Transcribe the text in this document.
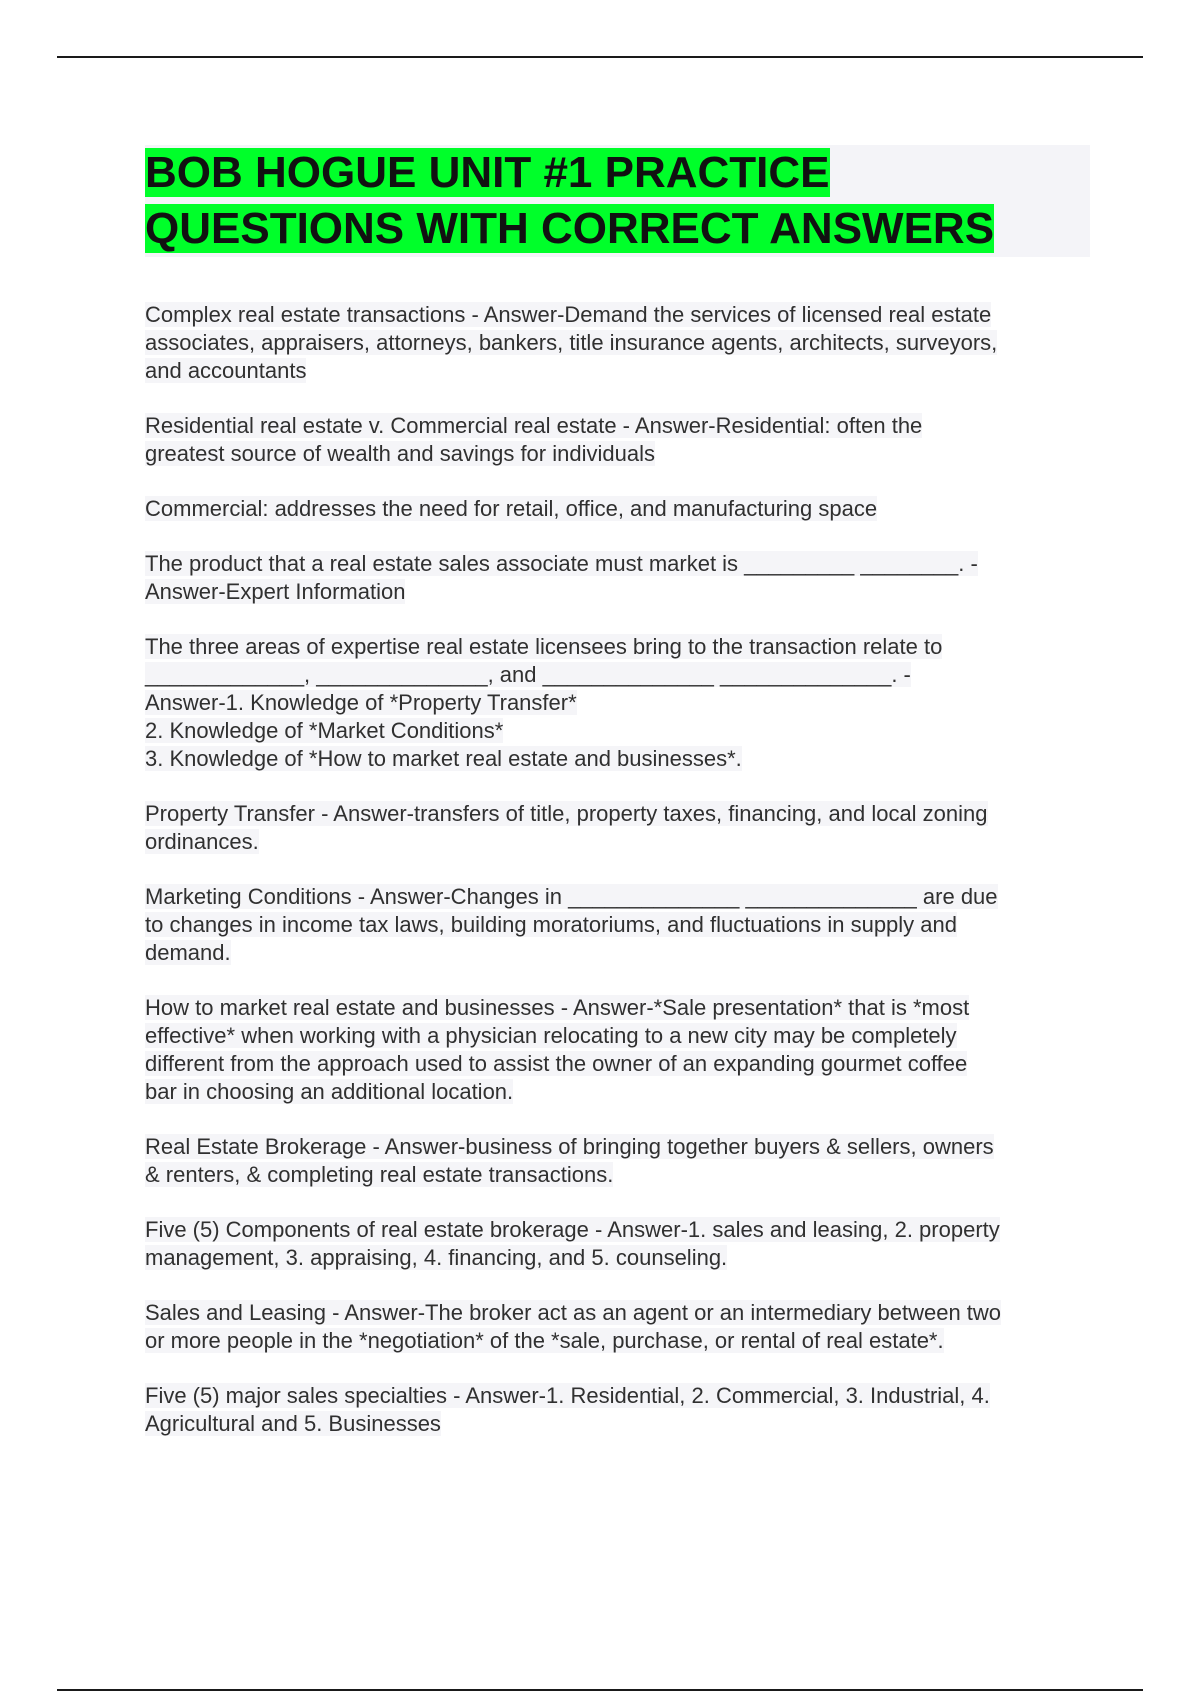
BOB HOGUE UNIT #1 PRACTICE
QUESTIONS WITH CORRECT ANSWERS
Complex real estate transactions - Answer-Demand the services of licensed real estate
associates, appraisers, attorneys, bankers, title insurance agents, architects, surveyors,
and accountants
Residential real estate v. Commercial real estate - Answer-Residential: often the
greatest source of wealth and savings for individuals
Commercial: addresses the need for retail, office, and manufacturing space
The product that a real estate sales associate must market is _________ ________. -
Answer-Expert Information
The three areas of expertise real estate licensees bring to the transaction relate to
_____________, ______________, and ______________ ______________. -
Answer-1. Knowledge of *Property Transfer*
2. Knowledge of *Market Conditions*
3. Knowledge of *How to market real estate and businesses*.
Property Transfer - Answer-transfers of title, property taxes, financing, and local zoning
ordinances.
Marketing Conditions - Answer-Changes in ______________ ______________ are due
to changes in income tax laws, building moratoriums, and fluctuations in supply and
demand.
How to market real estate and businesses - Answer-*Sale presentation* that is *most
effective* when working with a physician relocating to a new city may be completely
different from the approach used to assist the owner of an expanding gourmet coffee
bar in choosing an additional location.
Real Estate Brokerage - Answer-business of bringing together buyers & sellers, owners
& renters, & completing real estate transactions.
Five (5) Components of real estate brokerage - Answer-1. sales and leasing, 2. property
management, 3. appraising, 4. financing, and 5. counseling.
Sales and Leasing - Answer-The broker act as an agent or an intermediary between two
or more people in the *negotiation* of the *sale, purchase, or rental of real estate*.
Five (5) major sales specialties - Answer-1. Residential, 2. Commercial, 3. Industrial, 4.
Agricultural and 5. Businesses
